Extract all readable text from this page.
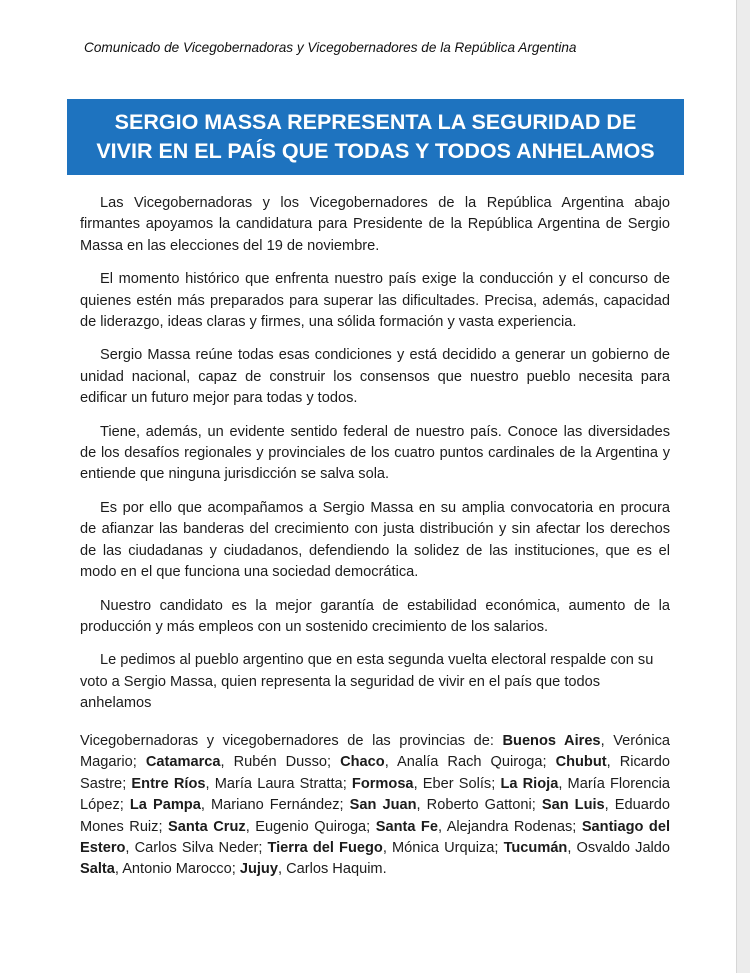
Comunicado de Vicegobernadoras y Vicegobernadores de la República Argentina
SERGIO MASSA REPRESENTA LA SEGURIDAD DE VIVIR EN EL PAÍS QUE TODAS Y TODOS ANHELAMOS

Las Vicegobernadoras y los Vicegobernadores de la República Argentina abajo firmantes apoyamos la candidatura para Presidente de la República Argentina de Sergio Massa en las elecciones del 19 de noviembre.

El momento histórico que enfrenta nuestro país exige la conducción y el concurso de quienes estén más preparados para superar las dificultades. Precisa, además, capacidad de liderazgo, ideas claras y firmes, una sólida formación y vasta experiencia.

Sergio Massa reúne todas esas condiciones y está decidido a generar un gobierno de unidad nacional, capaz de construir los consensos que nuestro pueblo necesita para edificar un futuro mejor para todas y todos.

Tiene, además, un evidente sentido federal de nuestro país. Conoce las diversidades de los desafíos regionales y provinciales de los cuatro puntos cardinales de la Argentina y entiende que ninguna jurisdicción se salva sola.

Es por ello que acompañamos a Sergio Massa en su amplia convocatoria en procura de afianzar las banderas del crecimiento con justa distribución y sin afectar los derechos de las ciudadanas y ciudadanos, defendiendo la solidez de las instituciones, que es el modo en el que funciona una sociedad democrática.

Nuestro candidato es la mejor garantía de estabilidad económica, aumento de la producción y más empleos con un sostenido crecimiento de los salarios.

Le pedimos al pueblo argentino que en esta segunda vuelta electoral respalde con su voto a Sergio Massa, quien representa la seguridad de vivir en el país que todos anhelamos

Vicegobernadoras y vicegobernadores de las provincias de: Buenos Aires, Verónica Magario; Catamarca, Rubén Dusso; Chaco, Analía Rach Quiroga; Chubut, Ricardo Sastre; Entre Ríos, María Laura Stratta; Formosa, Eber Solís; La Rioja, María Florencia López; La Pampa, Mariano Fernández; San Juan, Roberto Gattoni; San Luis, Eduardo Mones Ruiz; Santa Cruz, Eugenio Quiroga; Santa Fe, Alejandra Rodenas; Santiago del Estero, Carlos Silva Neder; Tierra del Fuego, Mónica Urquiza; Tucumán, Osvaldo Jaldo Salta, Antonio Marocco; Jujuy, Carlos Haquim.
